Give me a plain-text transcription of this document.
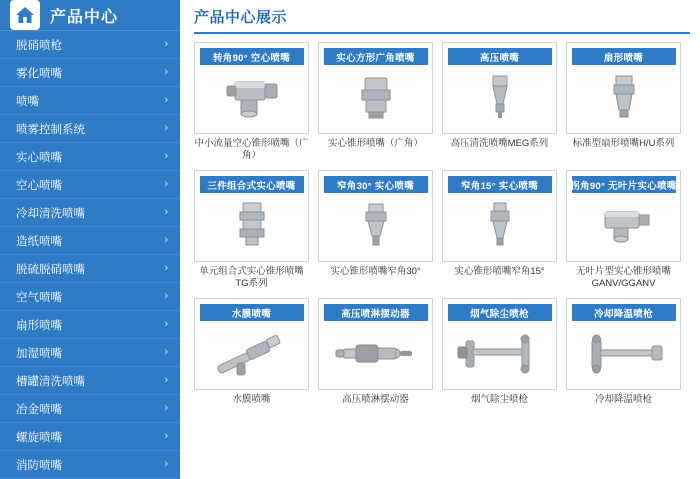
产品中心
脱硝喷枪	›
雾化喷嘴	›
喷嘴	›
喷雾控制系统	›
实心喷嘴	›
空心喷嘴	›
冷却清洗喷嘴	›
造纸喷嘴	›
脱硫脱硝喷嘴	›
空气喷嘴	›
扇形喷嘴	›
加湿喷嘴	›
槽罐清洗喷嘴	›
冶金喷嘴	›
螺旋喷嘴	›
消防喷嘴	›
产品中心展示
转角90° 空心喷嘴
中小流量空心锥形喷嘴（广角）
实心方形广角喷嘴
实心锥形喷嘴（广角）
高压喷嘴
高压清洗喷嘴MEG系列
扇形喷嘴
标准型扇形喷嘴H/U系列
三件组合式实心喷嘴
单元组合式实心锥形喷嘴TG系列
窄角30° 实心喷嘴
实心锥形喷嘴窄角30°
窄角15° 实心喷嘴
实心锥形喷嘴窄角15°
拐角90° 无叶片实心喷嘴
无叶片型实心锥形喷嘴GANV/GGANV
水膜喷嘴
水膜喷嘴
高压喷淋摆动器
高压喷淋摆动器
烟气除尘喷枪
烟气除尘喷枪
冷却降温喷枪
冷却降温喷枪
